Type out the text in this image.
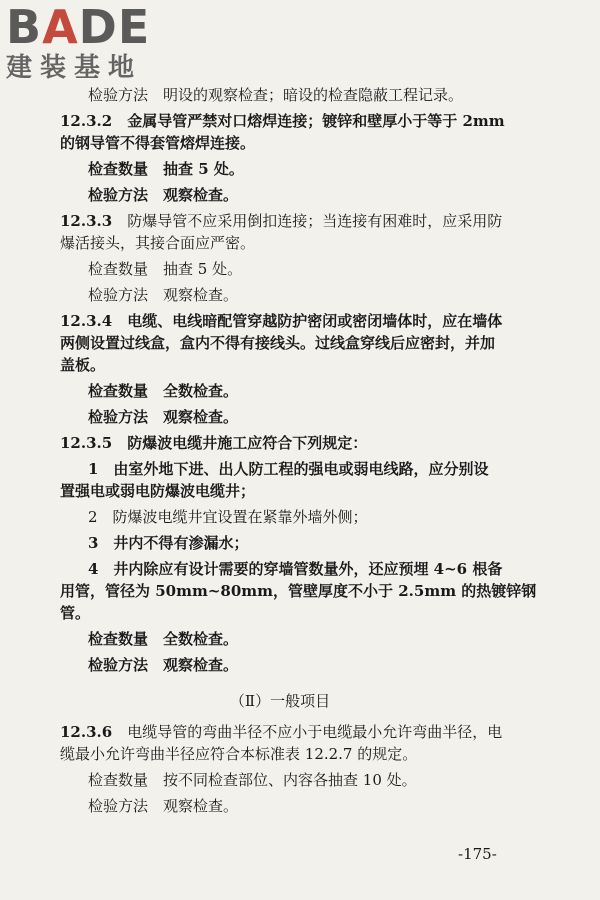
BADE
建装基地
检验方法　明设的观察检查；暗设的检查隐蔽工程记录。
12.3.2　 金属导管严禁对口熔焊连接；镀锌和壁厚小于等于 2mm
的钢导管不得套管熔焊连接。
检查数量　抽查 5 处。
检验方法　观察检查。
12.3.3　 防爆导管不应采用倒扣连接；当连接有困难时，应采用防
爆活接头，其接合面应严密。
检查数量　抽查 5 处。
检验方法　观察检查。
12.3.4　 电缆、电线暗配管穿越防护密闭或密闭墙体时，应在墙体
两侧设置过线盒，盒内不得有接线头。过线盒穿线后应密封，并加
盖板。
检查数量　全数检查。
检验方法　观察检查。
12.3.5　 防爆波电缆井施工应符合下列规定：
1　由室外地下进、出人防工程的强电或弱电线路，应分别设
置强电或弱电防爆波电缆井；
2　防爆波电缆井宜设置在紧靠外墙外侧；
3　井内不得有渗漏水；
4　井内除应有设计需要的穿墙管数量外，还应预埋 4~6 根备
用管，管径为 50mm~80mm，管壁厚度不小于 2.5mm 的热镀锌钢
管。
检查数量　全数检查。
检验方法　观察检查。
（Ⅱ）一般项目
12.3.6　 电缆导管的弯曲半径不应小于电缆最小允许弯曲半径，电
缆最小允许弯曲半径应符合本标准表 12.2.7 的规定。
检查数量　按不同检查部位、内容各抽查 10 处。
检验方法　观察检查。
-175-
